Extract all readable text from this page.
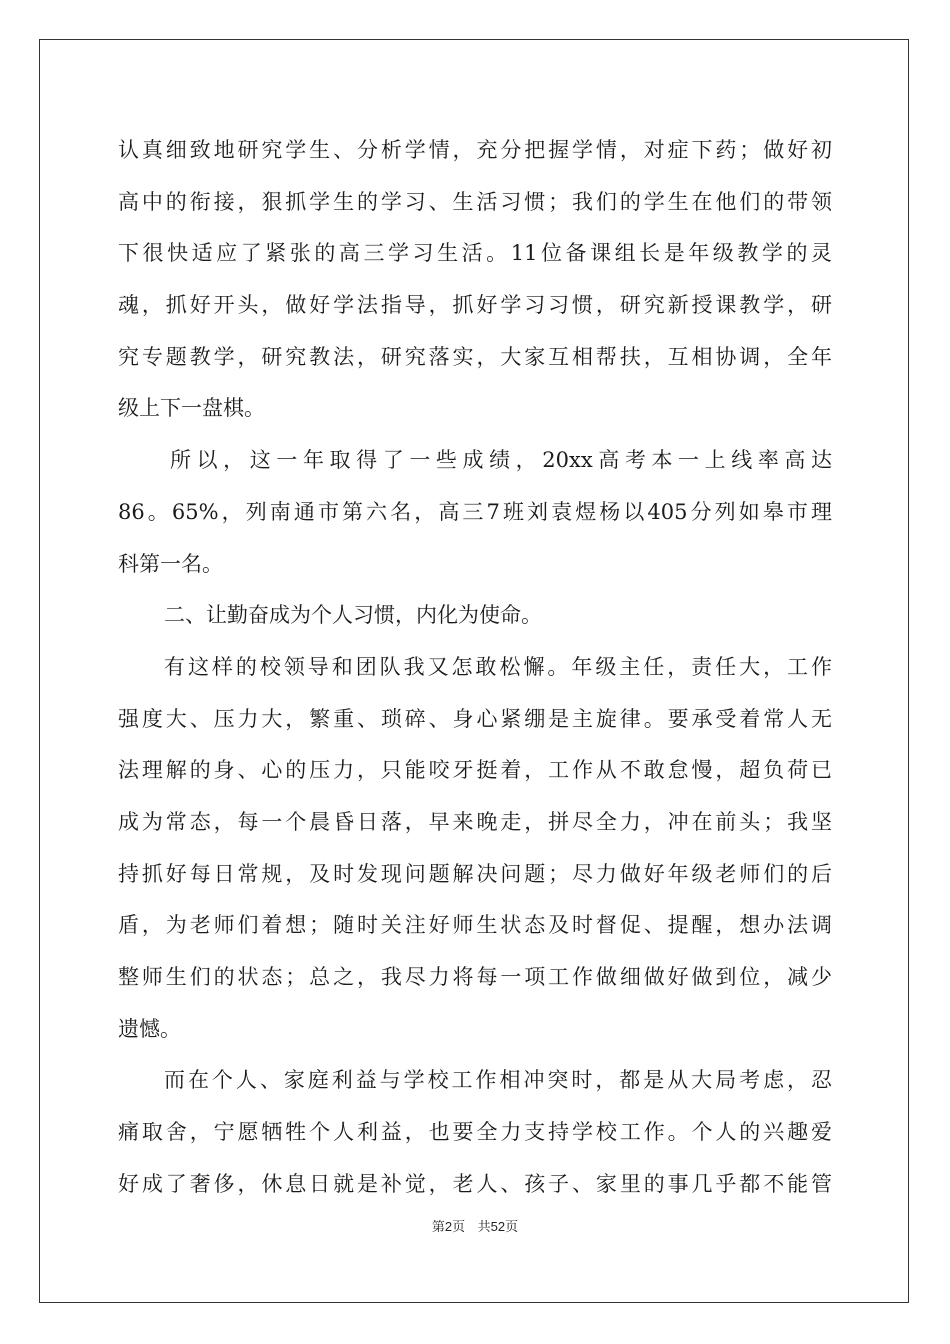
认真细致地研究学生、分析学情，充分把握学情，对症下药；做好初
高中的衔接，狠抓学生的学习、生活习惯；我们的学生在他们的带领
下很快适应了紧张的高三学习生活。11位备课组长是年级教学的灵
魂，抓好开头，做好学法指导，抓好学习习惯，研究新授课教学，研
究专题教学，研究教法，研究落实，大家互相帮扶，互相协调，全年
级上下一盘棋。
所以，这一年取得了一些成绩，20xx高考本一上线率高达
86。65%，列南通市第六名，高三7班刘袁煜杨以405分列如皋市理
科第一名。
二、让勤奋成为个人习惯，内化为使命。
有这样的校领导和团队我又怎敢松懈。年级主任，责任大，工作
强度大、压力大，繁重、琐碎、身心紧绷是主旋律。要承受着常人无
法理解的身、心的压力，只能咬牙挺着，工作从不敢怠慢，超负荷已
成为常态，每一个晨昏日落，早来晚走，拼尽全力，冲在前头；我坚
持抓好每日常规，及时发现问题解决问题；尽力做好年级老师们的后
盾，为老师们着想；随时关注好师生状态及时督促、提醒，想办法调
整师生们的状态；总之，我尽力将每一项工作做细做好做到位，减少
遗憾。
而在个人、家庭利益与学校工作相冲突时，都是从大局考虑，忍
痛取舍，宁愿牺牲个人利益，也要全力支持学校工作。个人的兴趣爱
好成了奢侈，休息日就是补觉，老人、孩子、家里的事几乎都不能管
第2页 共52页
